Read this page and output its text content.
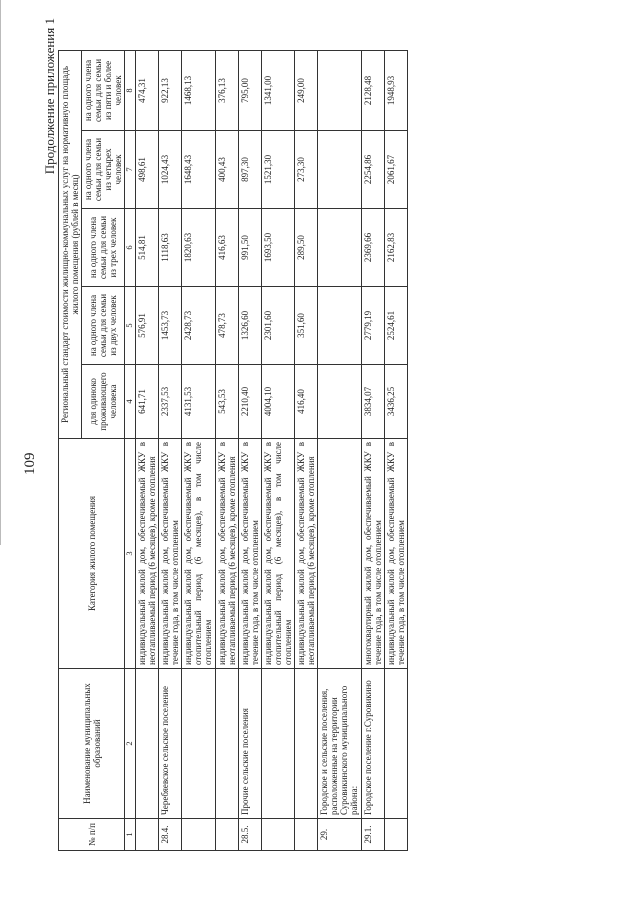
109
Продолжение приложения 1
№ п/п	Наименование муниципальных образований	Категория жилого помещения	Региональный стандарт стоимости жилищно-коммунальных услуг на нормативную площадь жилого помещения (рублей в месяц)				
			для одиноко проживающего человека	на одного члена семьи для семьи из двух человек	на одного члена семьи для семьи из трех человек	на одного члена семьи для семьи из четырех человек	на одного члена семьи для семьи из пяти и более человек
1	2	3	4	5	6	7	8
		индивидуальный жилой дом, обеспечиваемый ЖКУ в неотапливаемый период (6 месяцев), кроме отопления	641,71	576,91	514,81	498,61	474,31
28.4.	Чеpебяевское сельское поселение	индивидуальный жилой дом, обеспечиваемый ЖКУ в течение года, в том числе отоплением	2337,53	1453,73	1118,63	1024,43	922,13
		индивидуальный жилой дом, обеспечиваемый ЖКУ в отопительный период (6 месяцев), в том числе отоплением	4131,53	2428,73	1820,63	1648,43	1468,13
		индивидуальный жилой дом, обеспечиваемый ЖКУ в неотапливаемый период (6 месяцев), кроме отопления	543,53	478,73	416,63	400,43	376,13
28.5.	Прочие сельские поселения	индивидуальный жилой дом, обеспечиваемый ЖКУ в течение года, в том числе отоплением	2210,40	1326,60	991,50	897,30	795,00
		индивидуальный жилой дом, обеспечиваемый ЖКУ в отопительный период (6 месяцев), в том числе отоплением	4004,10	2301,60	1693,50	1521,30	1341,00
		индивидуальный жилой дом, обеспечиваемый ЖКУ в неотапливаемый период (6 месяцев), кроме отопления	416,40	351,60	289,50	273,30	249,00
29.	Городское и сельские поселения, расположенные на территории Суровикинского муниципального района:						
29.1.	Городское поселение г.Суровикино	многоквартирный жилой дом, обеспечиваемый ЖКУ в течение года, в том числе отоплением	3834,07	2779,19	2369,66	2254,86	2128,48
		индивидуальный жилой дом, обеспечиваемый ЖКУ в течение года, в том числе отоплением	3436,25	2524,61	2162,83	2061,67	1948,93
